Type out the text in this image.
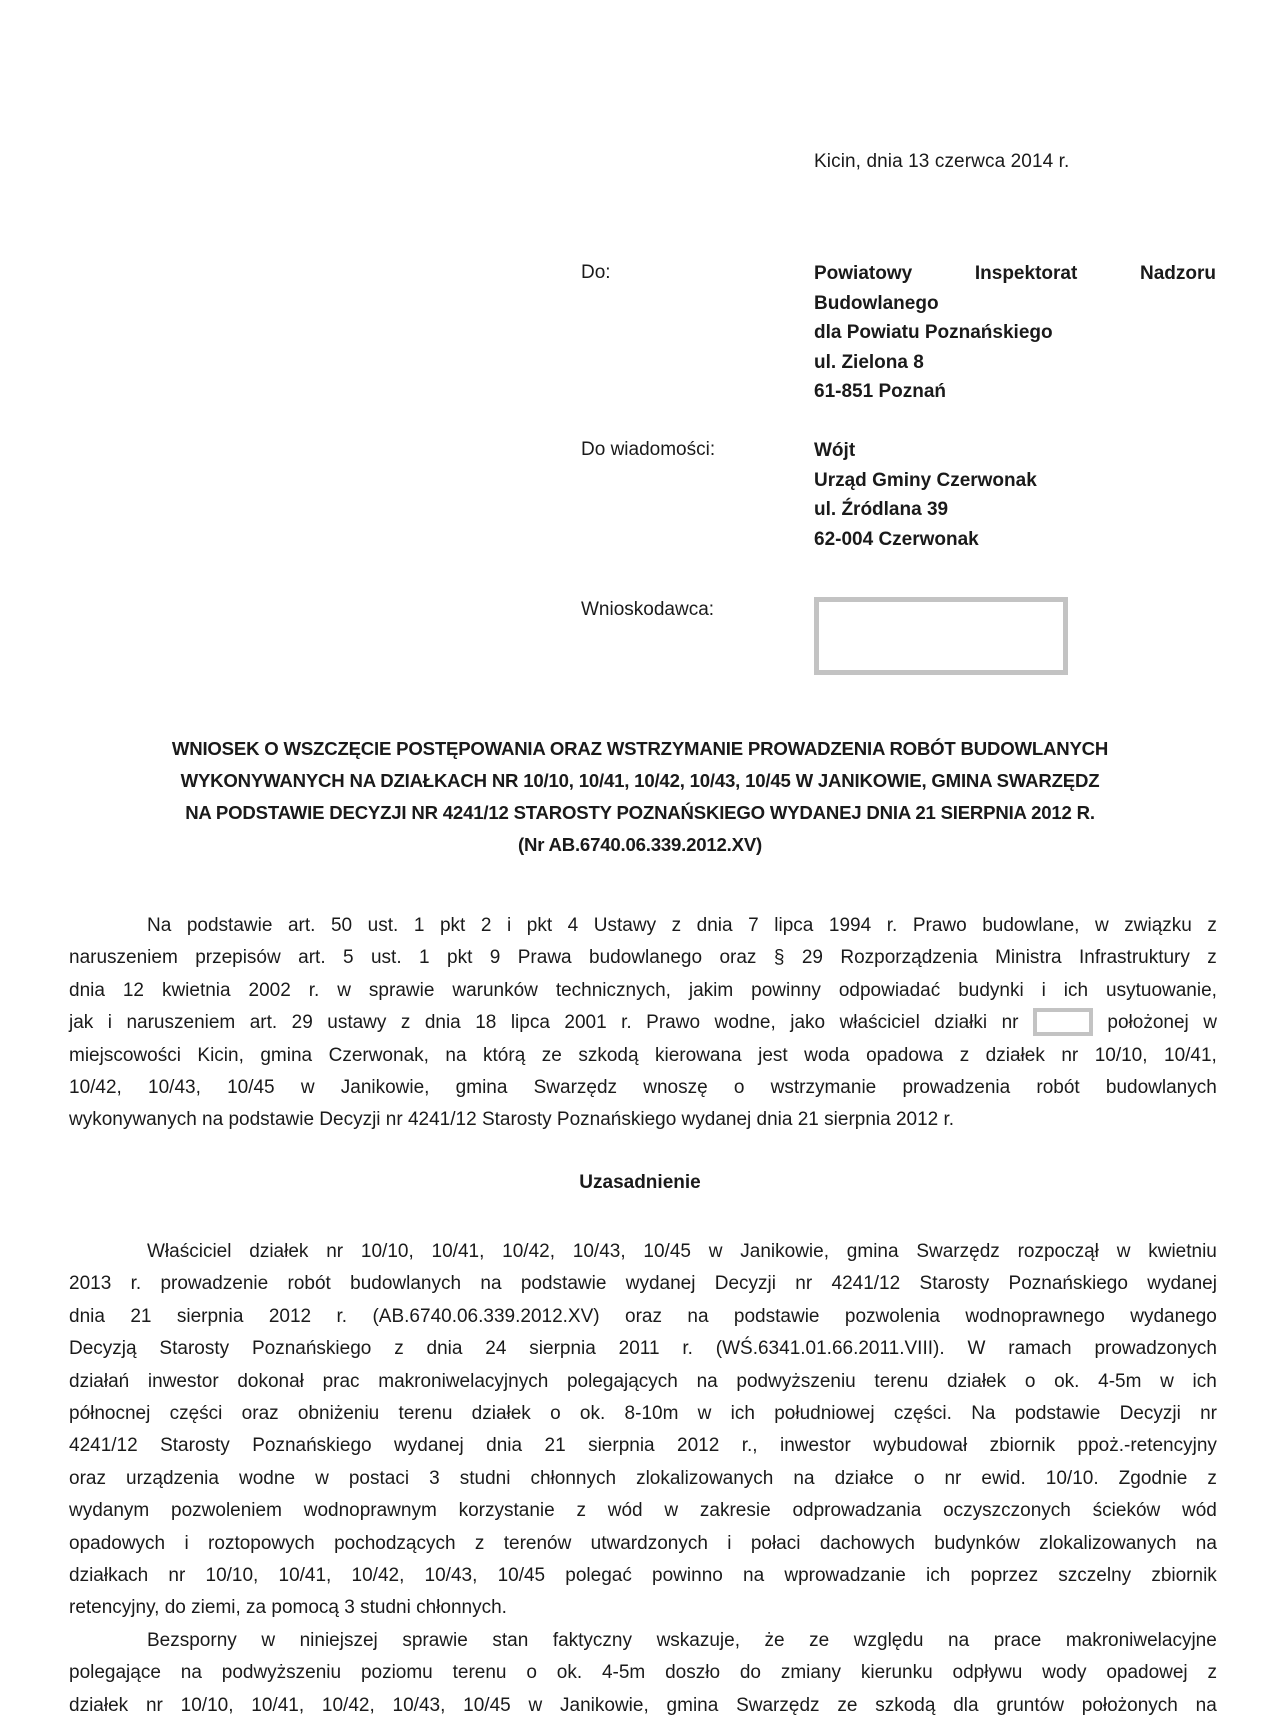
Kicin, dnia 13 czerwca 2014 r.
Do:	Powiatowy	Inspektorat	Nadzoru
Budowlanego
dla Powiatu Poznańskiego
ul. Zielona 8
61-851 Poznań
Do wiadomości:	Wójt
Urząd Gminy Czerwonak
ul. Źródlana 39
62-004 Czerwonak
Wnioskodawca:
WNIOSEK O WSZCZĘCIE POSTĘPOWANIA ORAZ WSTRZYMANIE PROWADZENIA ROBÓT BUDOWLANYCH
WYKONYWANYCH NA DZIAŁKACH NR 10/10, 10/41, 10/42, 10/43, 10/45 W JANIKOWIE, GMINA SWARZĘDZ
NA PODSTAWIE DECYZJI NR 4241/12 STAROSTY POZNAŃSKIEGO WYDANEJ DNIA 21 SIERPNIA 2012 R.
(Nr AB.6740.06.339.2012.XV)
Na podstawie art. 50 ust. 1 pkt 2 i pkt 4 Ustawy z dnia 7 lipca 1994 r. Prawo budowlane, w związku z
naruszeniem przepisów art. 5 ust. 1 pkt 9 Prawa budowlanego oraz § 29 Rozporządzenia Ministra Infrastruktury z
dnia 12 kwietnia 2002 r. w sprawie warunków technicznych, jakim powinny odpowiadać budynki i ich usytuowanie,
jak i naruszeniem art. 29 ustawy z dnia 18 lipca 2001 r. Prawo wodne, jako właściciel działki nr	położonej w
miejscowości Kicin, gmina Czerwonak, na którą ze szkodą kierowana jest woda opadowa z działek nr 10/10, 10/41,
10/42, 10/43, 10/45 w Janikowie, gmina Swarzędz wnoszę o wstrzymanie prowadzenia robót budowlanych
wykonywanych na podstawie Decyzji nr 4241/12 Starosty Poznańskiego wydanej dnia 21 sierpnia 2012 r.
Uzasadnienie
Właściciel działek nr 10/10, 10/41, 10/42, 10/43, 10/45 w Janikowie, gmina Swarzędz rozpoczął w kwietniu
2013 r. prowadzenie robót budowlanych na podstawie wydanej Decyzji nr 4241/12 Starosty Poznańskiego wydanej
dnia 21 sierpnia 2012 r. (AB.6740.06.339.2012.XV) oraz na podstawie pozwolenia wodnoprawnego wydanego
Decyzją Starosty Poznańskiego z dnia 24 sierpnia 2011 r. (WŚ.6341.01.66.2011.VIII). W ramach prowadzonych
działań inwestor dokonał prac makroniwelacyjnych polegających na podwyższeniu terenu działek o ok. 4-5m w ich
północnej części oraz obniżeniu terenu działek o ok. 8-10m w ich południowej części. Na podstawie Decyzji nr
4241/12 Starosty Poznańskiego wydanej dnia 21 sierpnia 2012 r., inwestor wybudował zbiornik ppoż.-retencyjny
oraz urządzenia wodne w postaci 3 studni chłonnych zlokalizowanych na działce o nr ewid. 10/10. Zgodnie z
wydanym pozwoleniem wodnoprawnym korzystanie z wód w zakresie odprowadzania oczyszczonych ścieków wód
opadowych i roztopowych pochodzących z terenów utwardzonych i połaci dachowych budynków zlokalizowanych na
działkach nr 10/10, 10/41, 10/42, 10/43, 10/45 polegać powinno na wprowadzanie ich poprzez szczelny zbiornik
retencyjny, do ziemi, za pomocą 3 studni chłonnych.
Bezsporny w niniejszej sprawie stan faktyczny wskazuje, że ze względu na prace makroniwelacyjne
polegające na podwyższeniu poziomu terenu o ok. 4-5m doszło do zmiany kierunku odpływu wody opadowej z
działek nr 10/10, 10/41, 10/42, 10/43, 10/45 w Janikowie, gmina Swarzędz ze szkodą dla gruntów położonych na
